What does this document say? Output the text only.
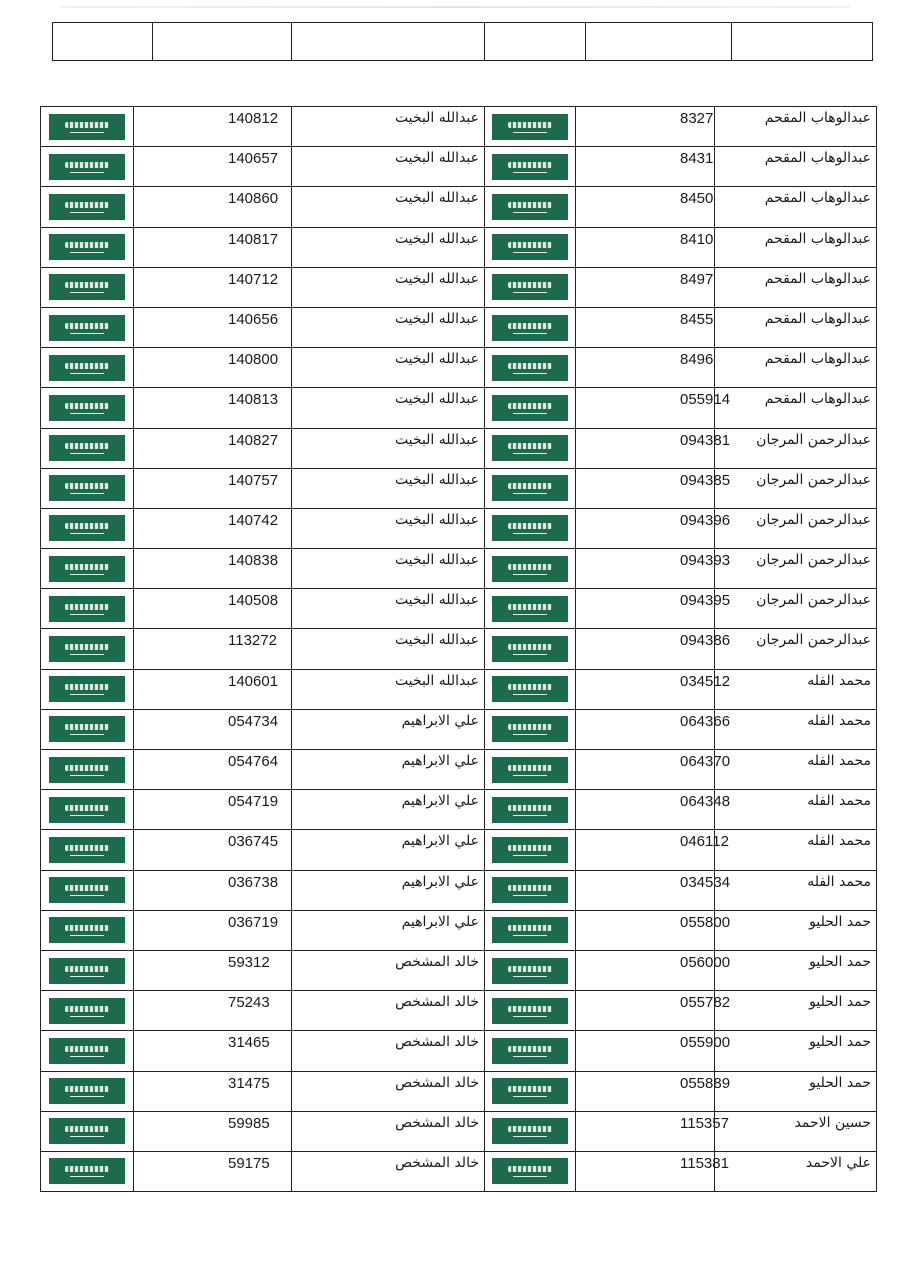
عبدالوهاب المقحم	8327		عبدالله البخيت	140812	

عبدالوهاب المقحم	8431		عبدالله البخيت	140657	

عبدالوهاب المقحم	8450		عبدالله البخيت	140860	

عبدالوهاب المقحم	8410		عبدالله البخيت	140817	

عبدالوهاب المقحم	8497		عبدالله البخيت	140712	

عبدالوهاب المقحم	8455		عبدالله البخيت	140656	

عبدالوهاب المقحم	8496		عبدالله البخيت	140800	

عبدالوهاب المقحم	055914		عبدالله البخيت	140813	

عبدالرحمن المرجان	094381		عبدالله البخيت	140827	

عبدالرحمن المرجان	094385		عبدالله البخيت	140757	

عبدالرحمن المرجان	094396		عبدالله البخيت	140742	

عبدالرحمن المرجان	094393		عبدالله البخيت	140838	

عبدالرحمن المرجان	094395		عبدالله البخيت	140508	

عبدالرحمن المرجان	094386		عبدالله البخيت	113272	

محمد الفله	034512		عبدالله البخيت	140601	

محمد الفله	064366		علي الابراهيم	054734	

محمد الفله	064370		علي الابراهيم	054764	

محمد الفله	064348		علي الابراهيم	054719	

محمد الفله	046112		علي الابراهيم	036745	

محمد الفله	034534		علي الابراهيم	036738	

حمد الحليو	055800		علي الابراهيم	036719	

حمد الحليو	056000		خالد المشخص	59312	

حمد الحليو	055782		خالد المشخص	75243	

حمد الحليو	055900		خالد المشخص	31465	

حمد الحليو	055889		خالد المشخص	31475	

حسين الاحمد	115357		خالد المشخص	59985	

علي الاحمد	115381		خالد المشخص	59175	
